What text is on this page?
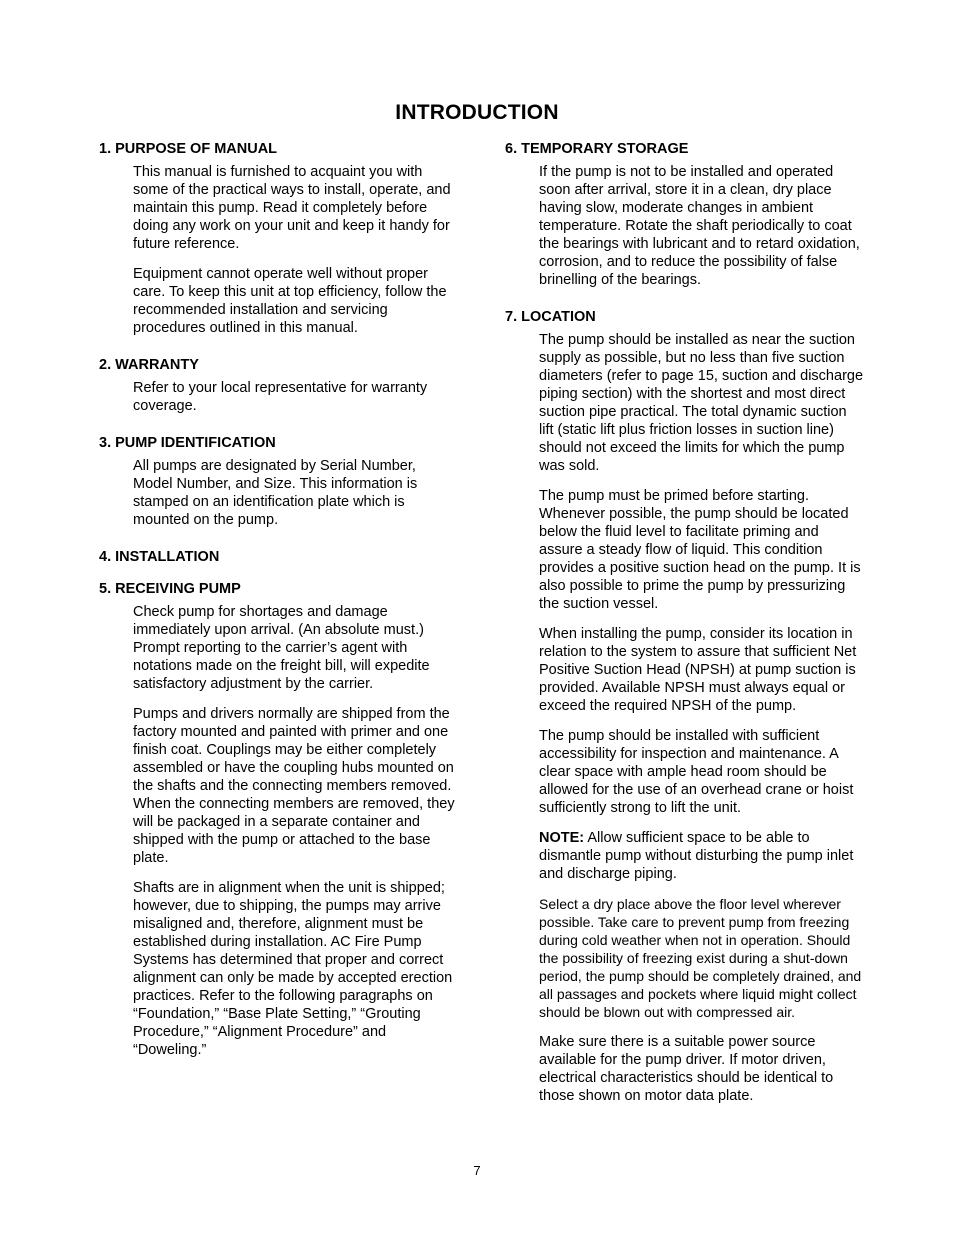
INTRODUCTION
1. PURPOSE OF MANUAL

This manual is furnished to acquaint you with some of the practical ways to install, operate, and maintain this pump. Read it completely before doing any work on your unit and keep it handy for future reference.

Equipment cannot operate well without proper care. To keep this unit at top efficiency, follow the recommended installation and servicing procedures outlined in this manual.

2. WARRANTY

Refer to your local representative for warranty coverage.

3. PUMP IDENTIFICATION

All pumps are designated by Serial Number, Model Number, and Size. This information is stamped on an identification plate which is mounted on the pump.

4. INSTALLATION
5. RECEIVING PUMP

Check pump for shortages and damage immediately upon arrival. (An absolute must.) Prompt reporting to the carrier’s agent with notations made on the freight bill, will expedite satisfactory adjustment by the carrier.

Pumps and drivers normally are shipped from the factory mounted and painted with primer and one finish coat. Couplings may be either completely assembled or have the coupling hubs mounted on the shafts and the connecting members removed. When the connecting members are removed, they will be packaged in a separate container and shipped with the pump or attached to the base plate.

Shafts are in alignment when the unit is shipped; however, due to shipping, the pumps may arrive misaligned and, therefore, alignment must be established during installation. AC Fire Pump Systems has determined that proper and correct alignment can only be made by accepted erection practices. Refer to the following paragraphs on “Foundation,” “Base Plate Setting,” “Grouting Procedure,” “Alignment Procedure” and “Doweling.”

6. TEMPORARY STORAGE

If the pump is not to be installed and operated soon after arrival, store it in a clean, dry place having slow, moderate changes in ambient temperature. Rotate the shaft periodically to coat the bearings with lubricant and to retard oxidation, corrosion, and to reduce the possibility of false brinelling of the bearings.

7. LOCATION

The pump should be installed as near the suction supply as possible, but no less than five suction diameters (refer to page 15, suction and discharge piping section) with the shortest and most direct suction pipe practical. The total dynamic suction lift (static lift plus friction losses in suction line) should not exceed the limits for which the pump was sold.

The pump must be primed before starting. Whenever possible, the pump should be located below the fluid level to facilitate priming and assure a steady flow of liquid. This condition provides a positive suction head on the pump. It is also possible to prime the pump by pressurizing the suction vessel.

When installing the pump, consider its location in relation to the system to assure that sufficient Net Positive Suction Head (NPSH) at pump suction is provided. Available NPSH must always equal or exceed the required NPSH of the pump.

The pump should be installed with sufficient accessibility for inspection and maintenance. A clear space with ample head room should be allowed for the use of an overhead crane or hoist sufficiently strong to lift the unit.

NOTE: Allow sufficient space to be able to dismantle pump without disturbing the pump inlet and discharge piping.

Select a dry place above the floor level wherever possible. Take care to prevent pump from freezing during cold weather when not in operation. Should the possibility of freezing exist during a shut-down period, the pump should be completely drained, and all passages and pockets where liquid might collect should be blown out with compressed air.

Make sure there is a suitable power source available for the pump driver. If motor driven, electrical characteristics should be identical to those shown on motor data plate.

7
